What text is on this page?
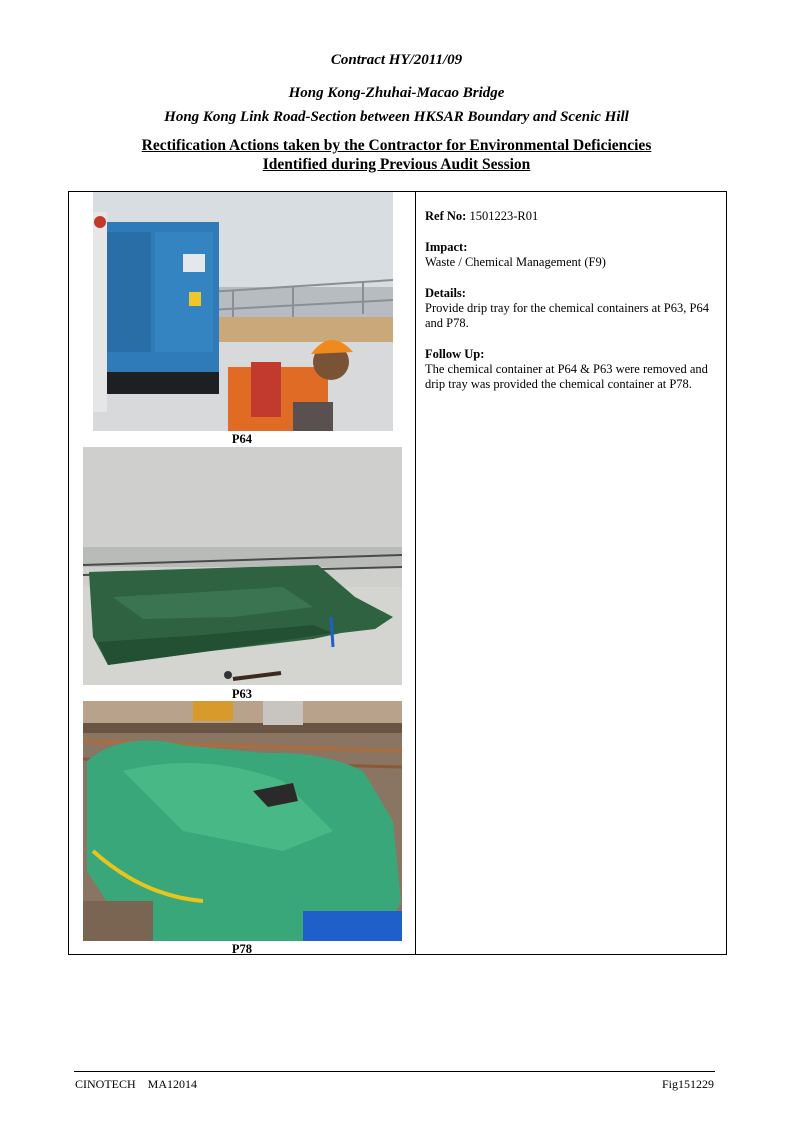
Contract HY/2011/09
Hong Kong-Zhuhai-Macao Bridge
Hong Kong Link Road-Section between HKSAR Boundary and Scenic Hill
Rectification Actions taken by the Contractor for Environmental Deficiencies
Identified during Previous Audit Session
P64
P63
P78
Ref No: 1501223-R01
Impact:
Waste / Chemical Management (F9)
Details:
Provide drip tray for the chemical containers at P63, P64 and P78.
Follow Up:
The chemical container at P64 & P63 were removed and drip tray was provided the chemical container at P78.
CINOTECH    MA12014	Fig151229
